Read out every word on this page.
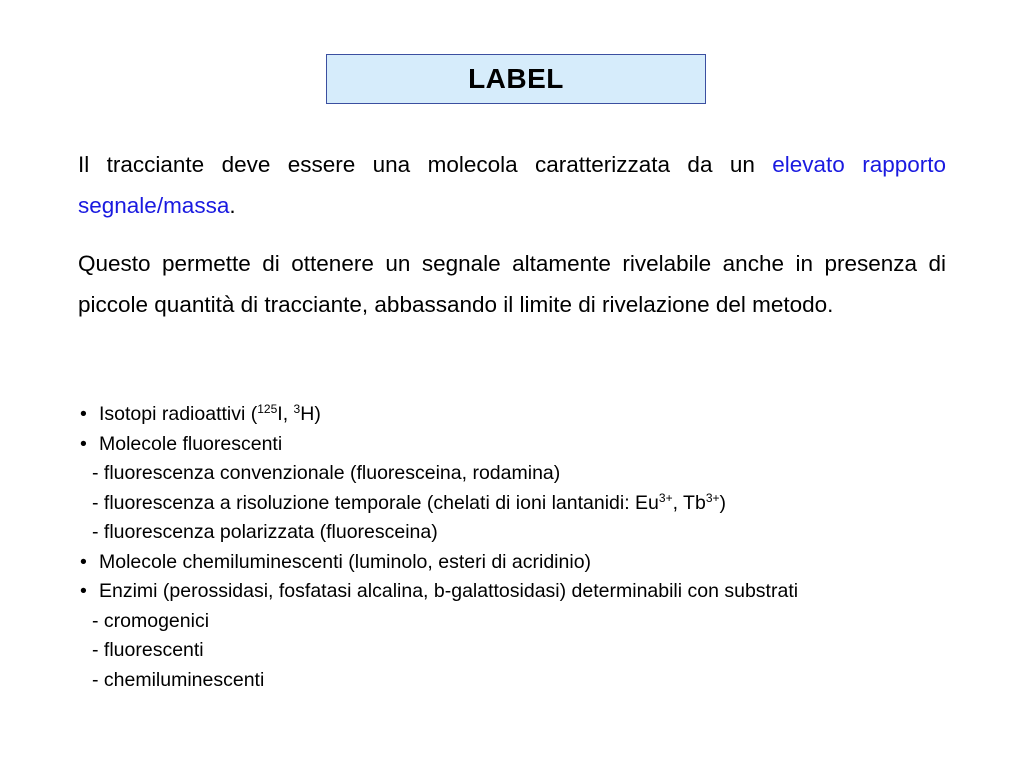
LABEL

Il tracciante deve essere una molecola caratterizzata da un elevato rapporto segnale/massa.

Questo permette di ottenere un segnale altamente rivelabile anche in presenza di piccole quantità di tracciante, abbassando il limite di rivelazione del metodo.

• Isotopi radioattivi ($^{125}$I, $^3$H)
• Molecole fluorescenti
- fluorescenza convenzionale (fluoresceina, rodamina)
- fluorescenza a risoluzione temporale (chelati di ioni lantanidi: $Eu^{3+}$, $Tb^{3+}$)
- fluorescenza polarizzata (fluoresceina)
• Molecole chemiluminescenti (luminolo, esteri di acridinio)
• Enzimi (perossidasi, fosfatasi alcalina, b-galattosidasi) determinabili con substrati
- cromogenici
- fluorescenti
- chemiluminescenti
